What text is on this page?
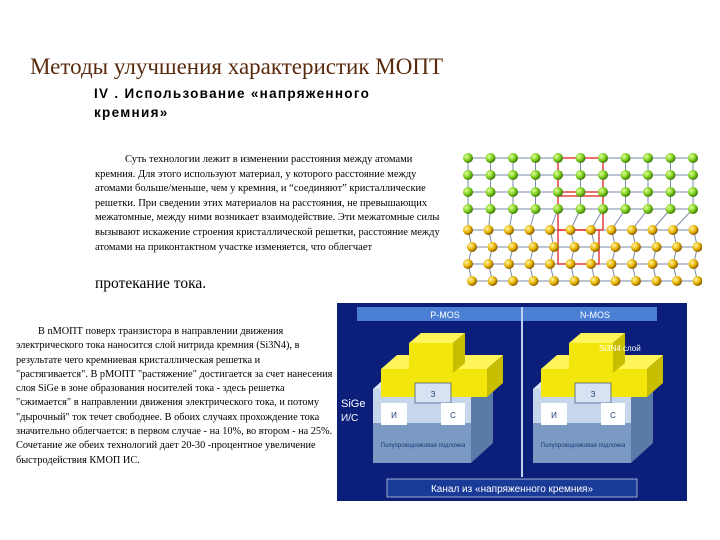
Методы улучшения характеристик МОПТ
IV . Использование «напряженного кремния»
Суть технологии лежит в изменении расстояния между атомами кремния. Для этого используют материал, у которого расстояние между атомами больше/меньше, чем у кремния, и “соединяют” кристаллические решетки. При сведении этих материалов на расстояния, не превышающих межатомные, между ними возникает взаимодействие. Эти межатомные силы вызывают искажение строения кристаллической решетки, расстояние между атомами на приконтактном участке изменяется, что облегчает
протекание тока.
В nМОПТ поверх транзистора в направлении движения электрического тока наносится слой нитрида кремния (Si3N4), в результате чего кремниевая кристаллическая решетка и "растягивается". В pМОПТ "растяжение" достигается за счет нанесения слоя SiGe в зоне образования носителей тока - здесь решетка "сжимается" в направлении движения электрического тока, и потому "дырочный" ток течет свободнее. В обоих случаях прохождение тока значительно облегчается: в первом случае - на 10%, во втором - на 25%. Сочетание же обеих технологий дает 20-30 -процентное увеличение быстродействия КМОП ИС.
P-MOS	N-MOS
З
И	С
Полупроводниковая подложка
З
И	С
Полупроводниковая подложка
Si3N4 слой
SiGe
И/С
Канал из «напряженного кремния»
